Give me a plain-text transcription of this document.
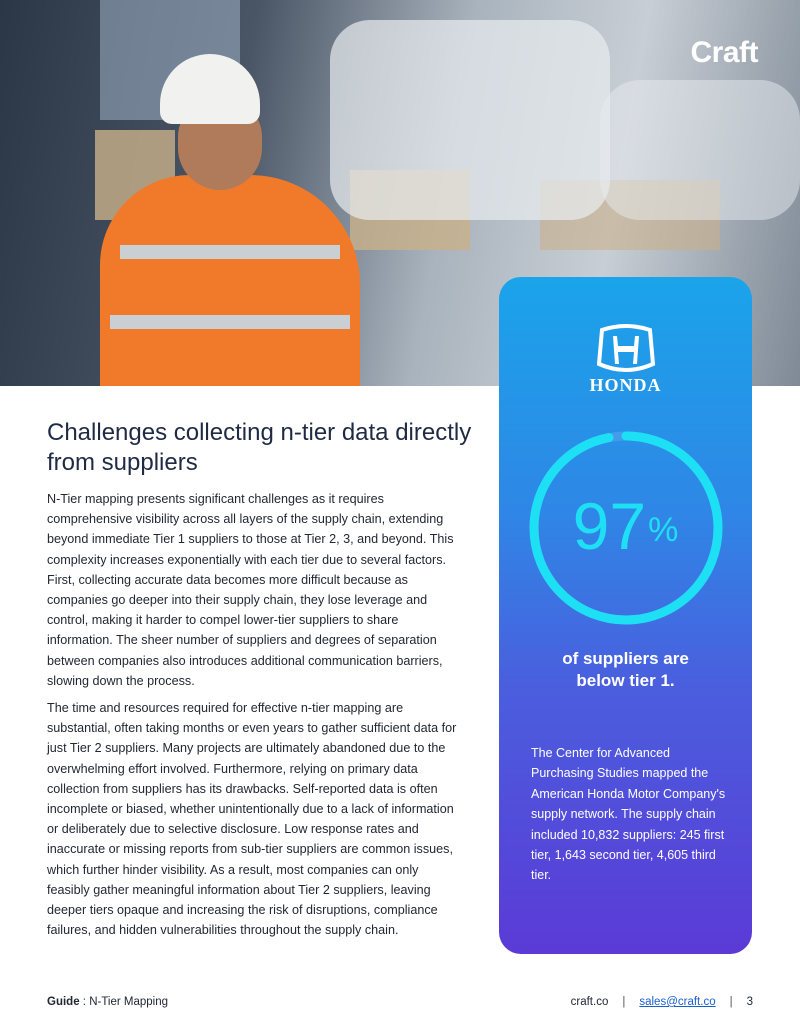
Craft
Challenges collecting n-tier data directly from suppliers

N-Tier mapping presents significant challenges as it requires comprehensive visibility across all layers of the supply chain, extending beyond immediate Tier 1 suppliers to those at Tier 2, 3, and beyond. This complexity increases exponentially with each tier due to several factors. First, collecting accurate data becomes more difficult because as companies go deeper into their supply chain, they lose leverage and control, making it harder to compel lower-tier suppliers to share information. The sheer number of suppliers and degrees of separation between companies also introduces additional communication barriers, slowing down the process.

The time and resources required for effective n-tier mapping are substantial, often taking months or even years to gather sufficient data for just Tier 2 suppliers. Many projects are ultimately abandoned due to the overwhelming effort involved. Furthermore, relying on primary data collection from suppliers has its drawbacks. Self-reported data is often incomplete or biased, whether unintentionally due to a lack of information or deliberately due to selective disclosure. Low response rates and inaccurate or missing reports from sub-tier suppliers are common issues, which further hinder visibility. As a result, most companies can only feasibly gather meaningful information about Tier 2 suppliers, leaving deeper tiers opaque and increasing the risk of disruptions, compliance failures, and hidden vulnerabilities throughout the supply chain.

HONDA
97%
of suppliers are below tier 1.

The Center for Advanced Purchasing Studies mapped the American Honda Motor Company's supply network. The supply chain included 10,832 suppliers: 245 first tier, 1,643 second tier, 4,605 third tier.

Guide : N-Tier Mapping	craft.co | sales@craft.co | 3
